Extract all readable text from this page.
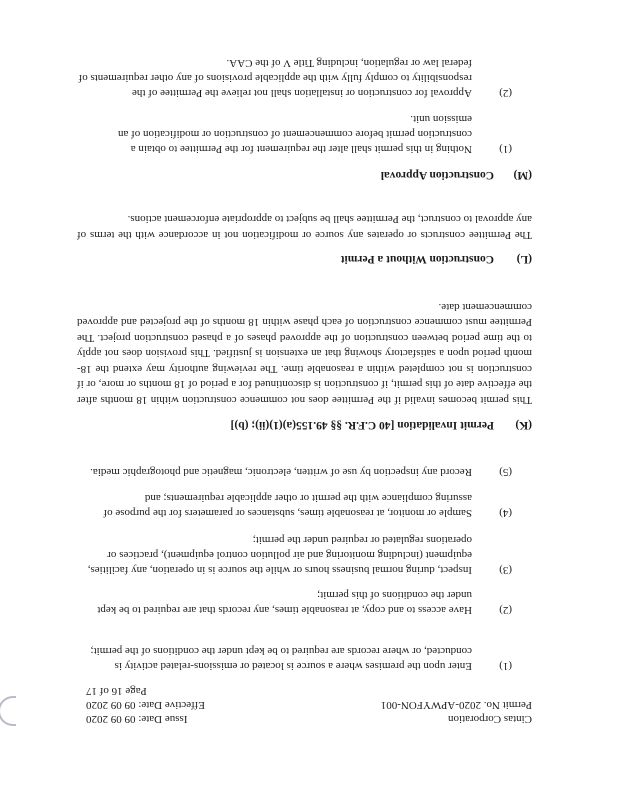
Cintas Corporation
Issue Date: 09 09 2020
Permit No. 2020-APWYFON-001
Effective Date: 09 09 2020
Page 16 of 17
(1)
Enter upon the premises where a source is located or emissions-related activity is conducted, or where records are required to be kept under the conditions of the permit;
(2)
Have access to and copy, at reasonable times, any records that are required to be kept under the conditions of this permit;
(3)
Inspect, during normal business hours or while the source is in operation, any facilities, equipment (including monitoring and air pollution control equipment), practices or operations regulated or required under the permit;
(4)
Sample or monitor, at reasonable times, substances or parameters for the purpose of assuring compliance with the permit or other applicable requirements; and
(5)
Record any inspection by use of written, electronic, magnetic and photographic media.
(K)
Permit Invalidation [40 C.F.R. §§ 49.155(a)(1)(ii); (b)]
This permit becomes invalid if the Permittee does not commence construction within 18 months after the effective date of this permit, if construction is discontinued for a period of 18 months or more, or if construction is not completed within a reasonable time. The reviewing authority may extend the 18-month period upon a satisfactory showing that an extension is justified. This provision does not apply to the time period between construction of the approved phases of a phased construction project. The Permittee must commence construction of each phase within 18 months of the projected and approved commencement date.
(L)
Construction Without a Permit
The Permittee constructs or operates any source or modification not in accordance with the terms of any approval to construct, the Permittee shall be subject to appropriate enforcement actions.
(M)
Construction Approval
(1)
Nothing in this permit shall alter the requirement for the Permittee to obtain a construction permit before commencement of construction or modification of an emission unit.
(2)
Approval for construction or installation shall not relieve the Permittee of the responsibility to comply fully with the applicable provisions of any other requirements of federal law or regulation, including Title V of the CAA.
